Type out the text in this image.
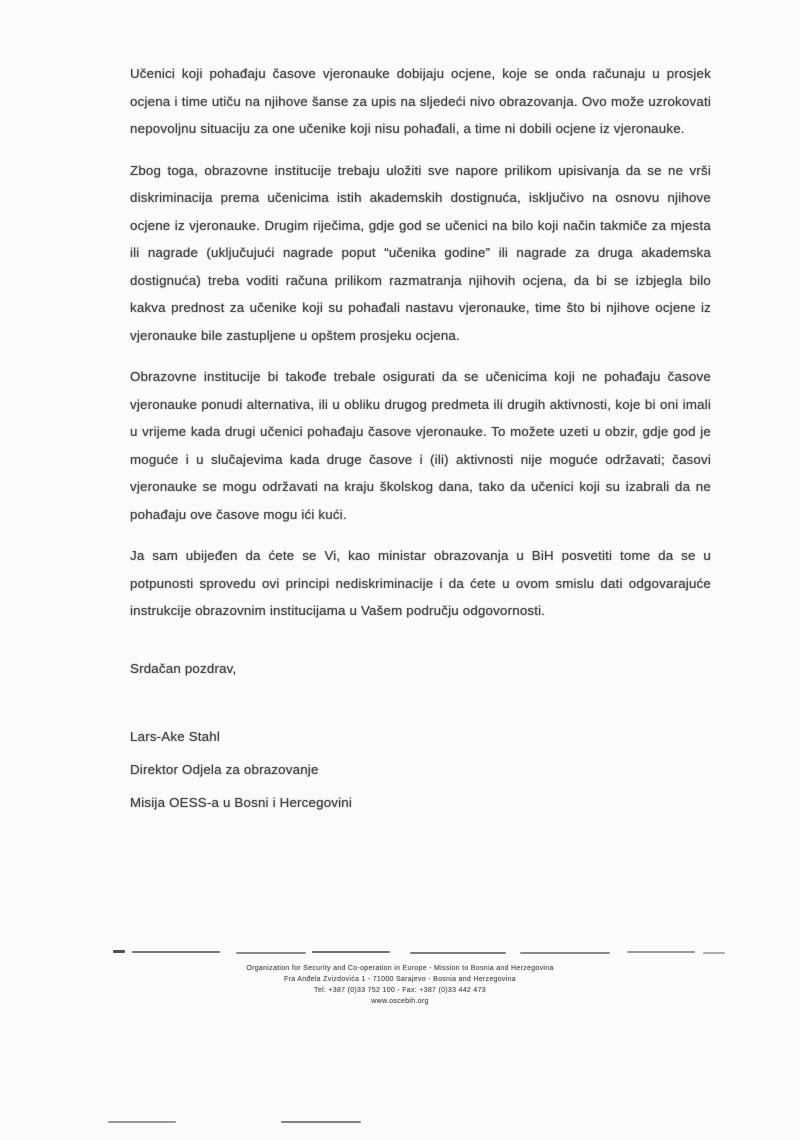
Učenici koji pohađaju časove vjeronauke dobijaju ocjene, koje se onda računaju u prosjek ocjena i time utiču na njihove šanse za upis na sljedeći nivo obrazovanja. Ovo može uzrokovati nepovoljnu situaciju za one učenike koji nisu pohađali, a time ni dobili ocjene iz vjeronauke.

Zbog toga, obrazovne institucije trebaju uložiti sve napore prilikom upisivanja da se ne vrši diskriminacija prema učenicima istih akademskih dostignuća, isključivo na osnovu njihove ocjene iz vjeronauke. Drugim riječima, gdje god se učenici na bilo koji način takmiče za mjesta ili nagrade (uključujući nagrade poput “učenika godine” ili nagrade za druga akademska dostignuća) treba voditi računa prilikom razmatranja njihovih ocjena, da bi se izbjegla bilo kakva prednost za učenike koji su pohađali nastavu vjeronauke, time što bi njihove ocjene iz vjeronauke bile zastupljene u opštem prosjeku ocjena.

Obrazovne institucije bi takođe trebale osigurati da se učenicima koji ne pohađaju časove vjeronauke ponudi alternativa, ili u obliku drugog predmeta ili drugih aktivnosti, koje bi oni imali u vrijeme kada drugi učenici pohađaju časove vjeronauke. To možete uzeti u obzir, gdje god je moguće i u slučajevima kada druge časove i (ili) aktivnosti nije moguće održavati; časovi vjeronauke se mogu održavati na kraju školskog dana, tako da učenici koji su izabrali da ne pohađaju ove časove mogu ići kući.

Ja sam ubijeđen da ćete se Vi, kao ministar obrazovanja u BiH posvetiti tome da se u potpunosti sprovedu ovi principi nediskriminacije i da ćete u ovom smislu dati odgovarajuće instrukcije obrazovnim institucijama u Vašem području odgovornosti.

Srdačan pozdrav,

Lars-Ake Stahl

Direktor Odjela za obrazovanje

Misija OESS-a u Bosni i Hercegovini

Organization for Security and Co-operation in Europe - Mission to Bosnia and Herzegovina
Fra Anđela Zvizdovića 1 - 71000 Sarajevo - Bosnia and Herzegovina
Tel: +387 (0)33 752 100 - Fax: +387 (0)33 442 473
www.oscebih.org
